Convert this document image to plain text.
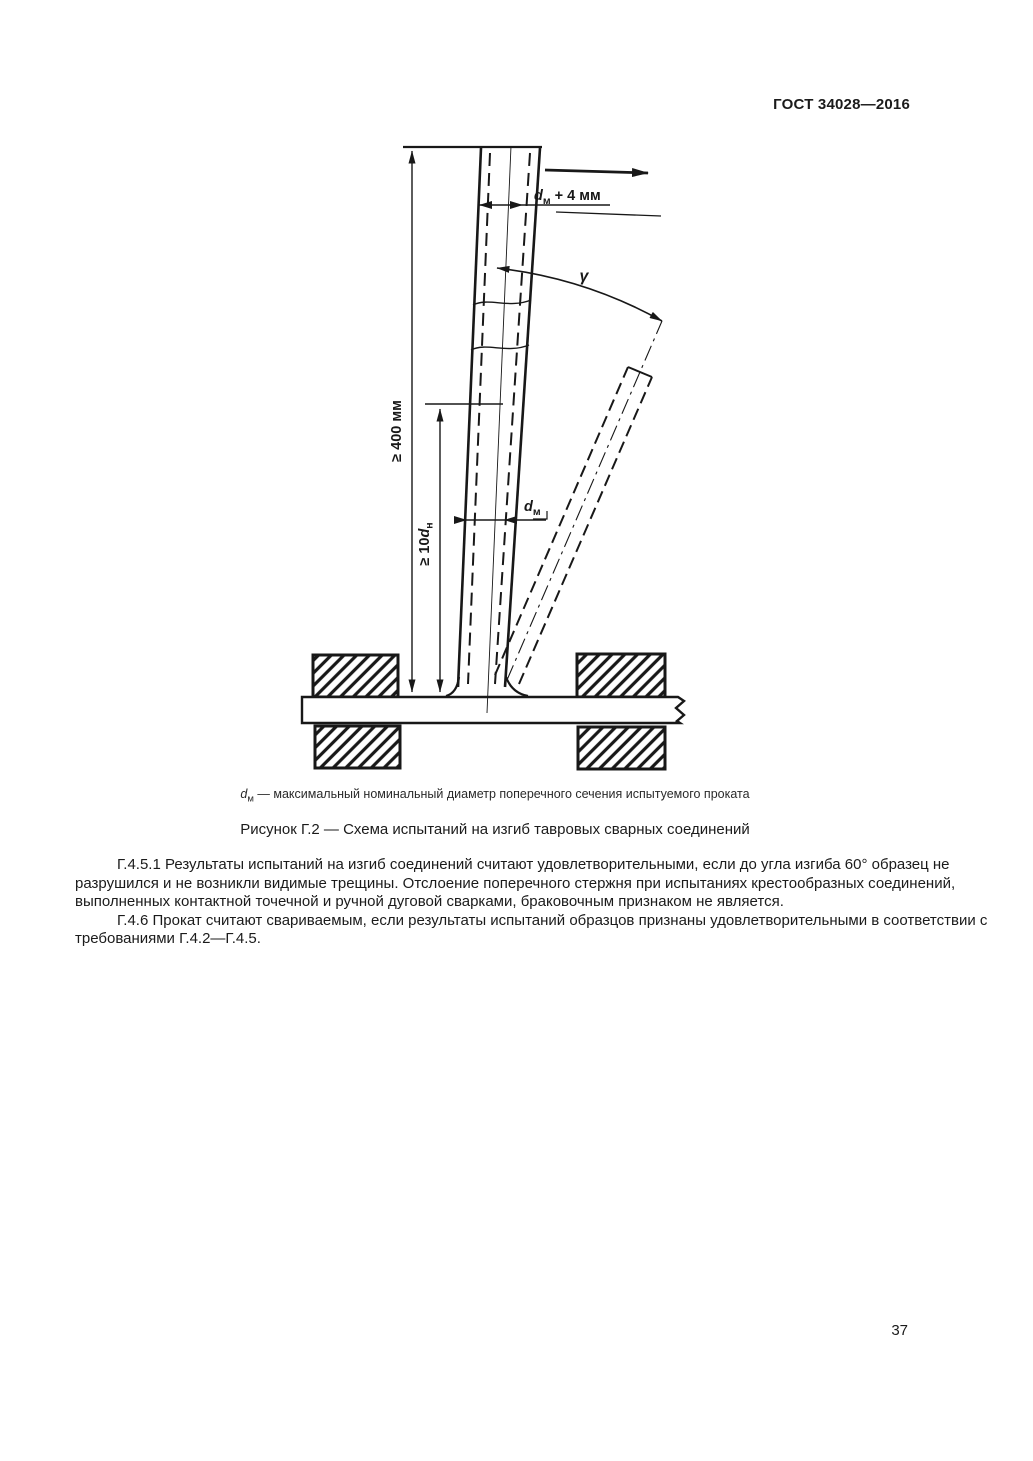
ГОСТ 34028—2016
$d_м + 4$ мм
γ
≥ 400 мм
≥ $10d_н$
$d_м$
$d_м$ — максимальный номинальный диаметр поперечного сечения испытуемого проката
Рисунок Г.2 — Схема испытаний на изгиб тавровых сварных соединений

Г.4.5.1 Результаты испытаний на изгиб соединений считают удовлетворительными, если до угла изгиба 60° образец не разрушился и не возникли видимые трещины. Отслоение поперечного стержня при испытаниях крестообразных соединений, выполненных контактной точечной и ручной дуговой сварками, браковочным признаком не является.

Г.4.6 Прокат считают свариваемым, если результаты испытаний образцов признаны удовлетворительными в соответствии с требованиями Г.4.2—Г.4.5.

37
